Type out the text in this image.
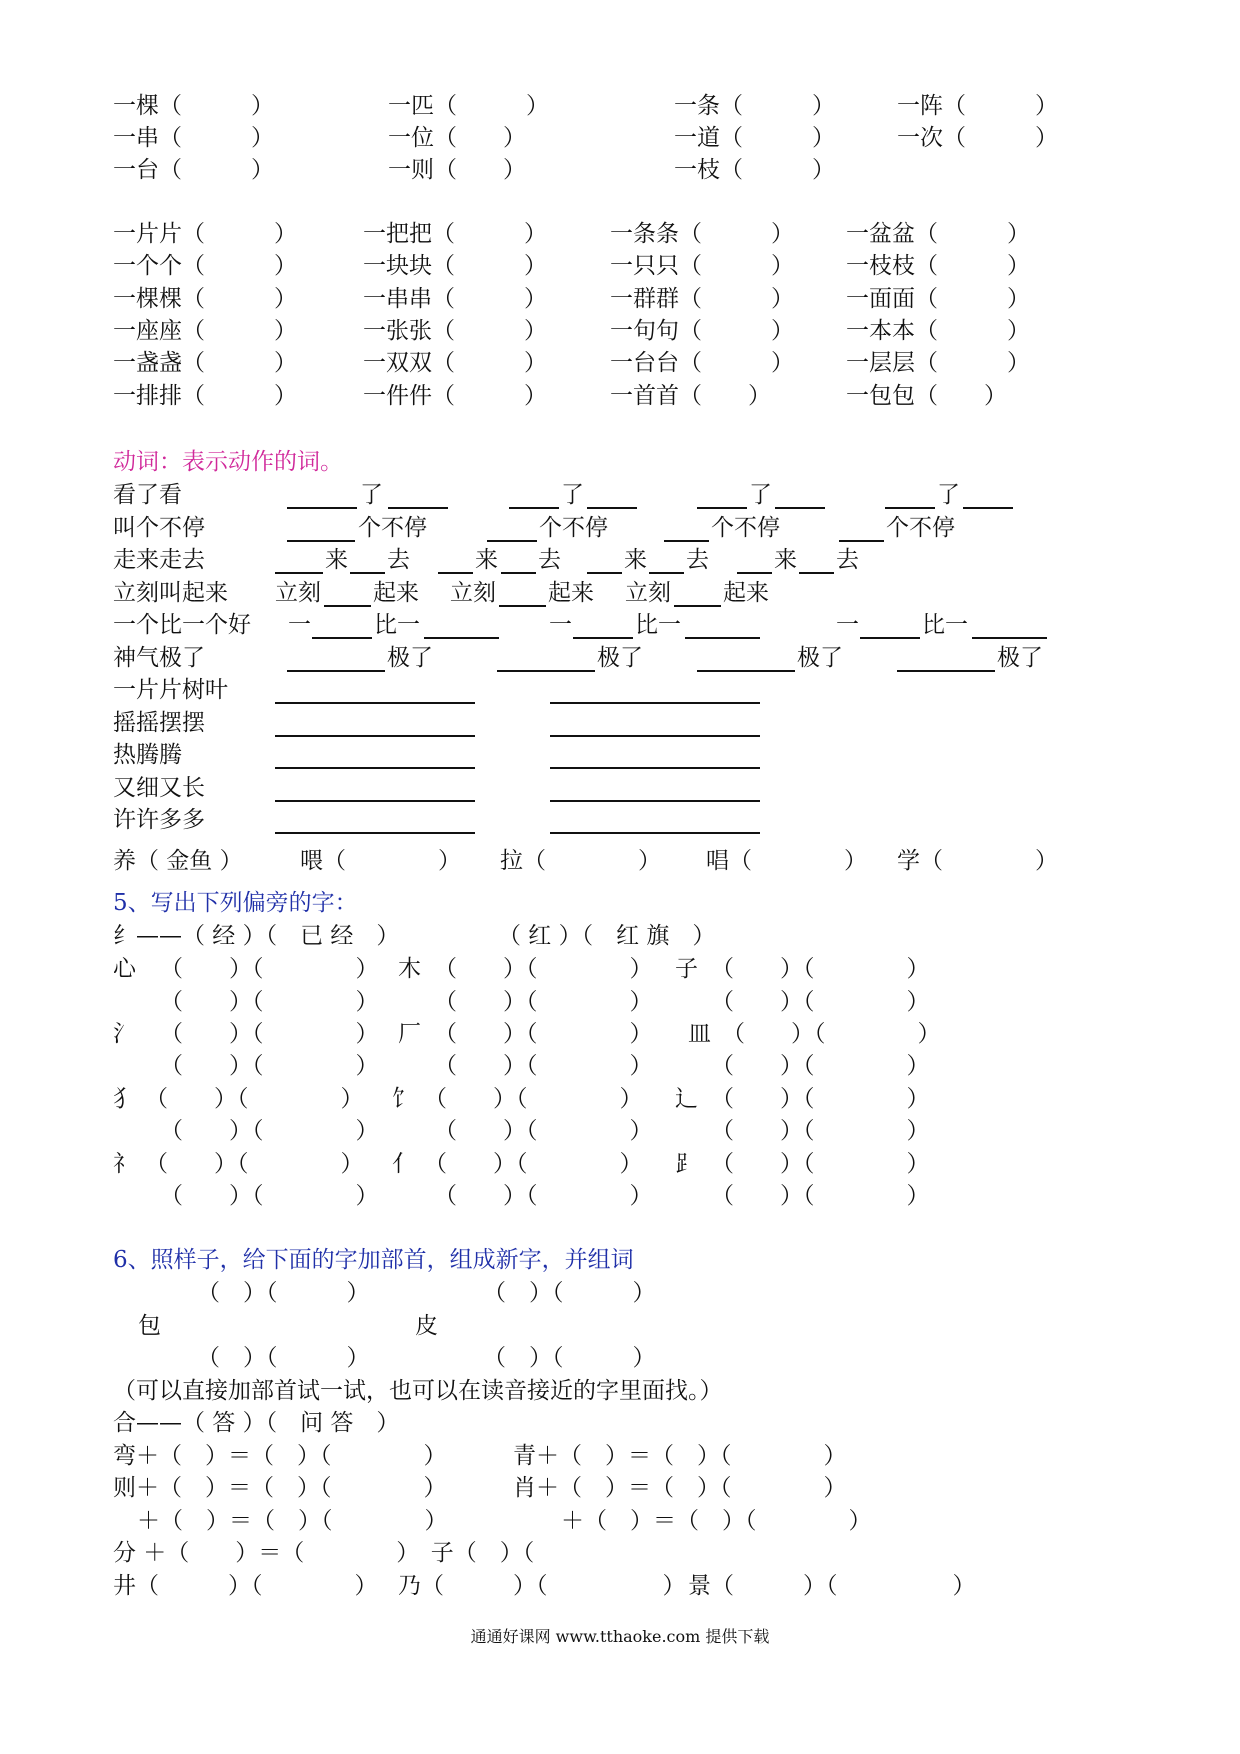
一棵（　　　）	一匹（　　　）	一条（　　　）	一阵（　　　）
一串（　　　）	一位（　　）	一道（　　　）	一次（　　　）
一台（　　　）	一则（　　）	一枝（　　　）
一片片（　　　）	一把把（　　　）	一条条（　　　） 一盆盆（　　　）
一个个（　　　）	一块块（　　　）	一只只（　　　） 一枝枝（　　　）
一棵棵（　　　）	一串串（　　　）	一群群（　　　） 一面面（　　　）
一座座（　　　）	一张张（　　　）	一句句（　　　） 一本本（　　　）
一盏盏（　　　）	一双双（　　　）	一台台（　　　） 一层层（　　　）
一排排（　　　）	一件件（　　　）	一首首（　　）	一包包（　　）
动词：表示动作的词。
看了看	了	了	了	了
叫个不停	个不停	个不停	个不停	个不停
走来走去	来 去	来 去	来 去	来 去
立刻叫起来 立刻 起来 立刻 起来 立刻 起来
一个比一个好 一	比一	一	比一	一	比一
神气极了	极了	极了	极了	极了
一片片树叶
摇摇摆摆
热腾腾
又细又长
许许多多
养（ 金鱼 ） 喂（　　　　） 拉（　　　　） 唱（　　　　） 学（　　　　）
5、写出下列偏旁的字：
纟——（ 经 ）（　已 经　）	（ 红 ）（　红 旗　）
心 （　　）（　　　　） 木 （　　）（　　　　） 子 （　　）（　　　　）
（　　）（　　　　） （　　）（　　　　）	（　　）（　　　　）
氵 （　　）（　　　　） 厂 （　　）（　　　　） 皿 （　　）（　　　　）
（　　）（　　　　） （　　）（　　　　）	（　　）（　　　　）
犭 （　　）（　　　　） 饣 （　　）（　　　　） 辶 （　　）（　　　　）
（　　）（　　　　） （　　）（　　　　）	（　　）（　　　　）
礻 （　　）（　　　　） 亻 （　　）（　　　　） ⻊ （　　）（　　　　）
（　　）（　　　　） （　　）（　　　　）	（　　）（　　　　）
6、照样子，给下面的字加部首，组成新字，并组词
（　）（　　　）	（　）（　　　）
包	皮
（　）（　　　）	（　）（　　　）
（可以直接加部首试一试，也可以在读音接近的字里面找。）
合——（ 答 ）（　问 答　）
弯＋（　）＝（　）（　　　　）	青＋（　）＝（　）（　　　　）
则＋（　）＝（　）（　　　　）	肖＋（　）＝（　）（　　　　）
＋（　）＝（　）（　　　　）	＋（　）＝（　）（　　　　）
分 ＋（　　）＝（　　　　）　子（　）（
井（　　　）（　　　　） 乃（　　　）（　　　　　） 景（　　　）（　　　　　）
通通好课网 www.tthaoke.com 提供下载
